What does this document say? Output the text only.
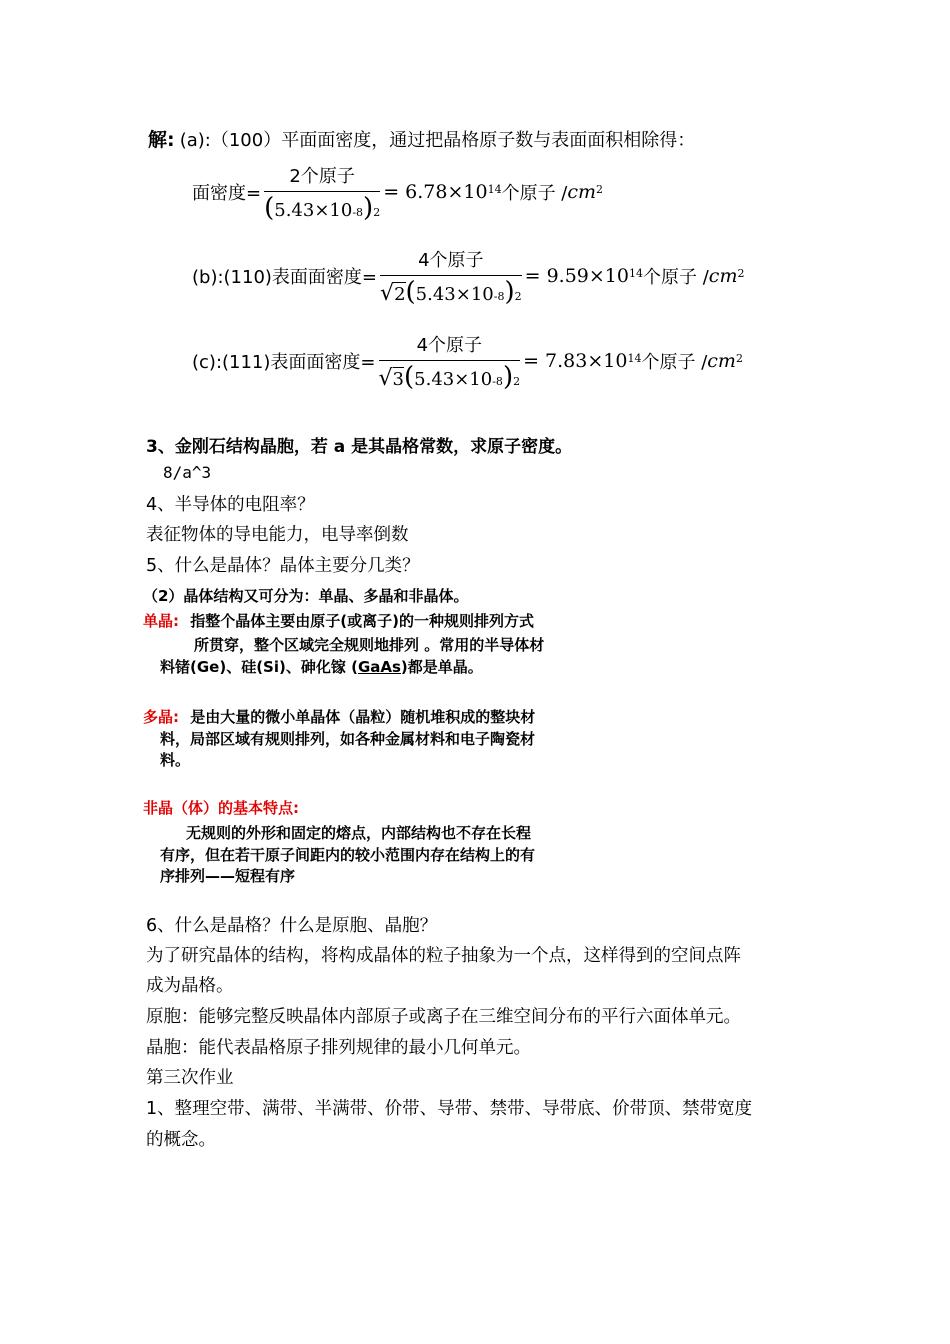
解: (a):（100）平面面密度，通过把晶格原子数与表面面积相除得：
面密度= $\frac{\text{2个原子}}{( 5.43\times 10^{-8} )^2} = 6.78\times 10^{14}$ 个原子 / $cm^2$
(b):(110)表面面密度= $\frac{\text{4个原子}}{√ 2 ( 5.43\times 10^{-8} )^2} = 9.59\times 10^{14}$ 个原子 / $cm^2$
(c):(111)表面面密度= $\frac{\text{4个原子}}{√ 3 ( 5.43\times 10^{-8} )^2} = 7.83\times 10^{14}$ 个原子 / $cm^2$
3、金刚石结构晶胞，若 a 是其晶格常数，求原子密度。
8/a^3
4、半导体的电阻率？
表征物体的导电能力，电导率倒数
5、什么是晶体？晶体主要分几类？
（2）晶体结构又可分为：单晶、多晶和非晶体。
单晶: 指整个晶体主要由原子(或离子)的一种规则排列方式
所贯穿，整个区域完全规则地排列 。常用的半导体材
料锗(Ge)、硅(Si)、砷化镓 (GaAs)都是单晶。
多晶: 是由大量的微小单晶体（晶粒）随机堆积成的整块材
料，局部区域有规则排列，如各种金属材料和电子陶瓷材
料。
非晶（体）的基本特点:
无规则的外形和固定的熔点，内部结构也不存在长程
有序，但在若干原子间距内的较小范围内存在结构上的有
序排列——短程有序
6、什么是晶格？什么是原胞、晶胞？
为了研究晶体的结构，将构成晶体的粒子抽象为一个点，这样得到的空间点阵
成为晶格。
原胞：能够完整反映晶体内部原子或离子在三维空间分布的平行六面体单元。
晶胞：能代表晶格原子排列规律的最小几何单元。
第三次作业
1、整理空带、满带、半满带、价带、导带、禁带、导带底、价带顶、禁带宽度
的概念。
